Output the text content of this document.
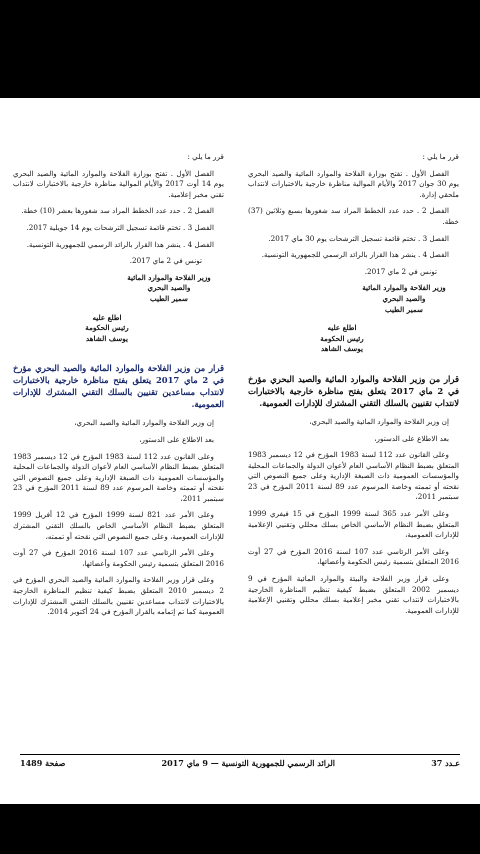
قرر ما يلي :

الفصل الأول . تفتح بوزارة الفلاحة والموارد المائية والصيد البحري يوم 30 جوان 2017 والأيام الموالية مناظرة خارجية بالاختبارات لانتداب ملحقي إدارة.

الفصل 2 . حدد عدد الخطط المراد سد شغورها بسبع وثلاثين (37) خطة.

الفصل 3 . تختم قائمة تسجيل الترشحات يوم 30 ماي 2017.

الفصل 4 . ينشر هذا القرار بالرائد الرسمي للجمهورية التونسية.

تونس في 2 ماي 2017.

وزير الفلاحة والموارد المائية

والصيد البحري

سمير الطيب

اطلع عليه

رئيس الحكومة

يوسف الشاهد

قرار من وزير الفلاحة والموارد المائية والصيد البحري مؤرخ في 2 ماي 2017 يتعلق بفتح مناظرة خارجية بالاختبارات لانتداب تقنيين بالسلك التقني المشترك للإدارات العمومية.

إن وزير الفلاحة والموارد المائية والصيد البحري،

بعد الاطلاع على الدستور،

وعلى القانون عدد 112 لسنة 1983 المؤرخ في 12 ديسمبر 1983 المتعلق بضبط النظام الأساسي العام لأعوان الدولة والجماعات المحلية والمؤسسات العمومية ذات الصبغة الإدارية وعلى جميع النصوص التي نقحته أو تممته وخاصة المرسوم عدد 89 لسنة 2011 المؤرخ في 23 سبتمبر 2011،

وعلى الأمر عدد 365 لسنة 1999 المؤرخ في 15 فيفري 1999 المتعلق بضبط النظام الأساسي الخاص بسلك محللي وتقنيي الإعلامية للإدارات العمومية،

وعلى الأمر الرئاسي عدد 107 لسنة 2016 المؤرخ في 27 أوت 2016 المتعلق بتسمية رئيس الحكومة وأعضائها،

وعلى قرار وزير الفلاحة والبيئة والموارد المائية المؤرخ في 9 ديسمبر 2002 المتعلق بضبط كيفية تنظيم المناظرة الخارجية بالاختبارات لانتداب تقني مخبر إعلامية بسلك محللي وتقنيي الإعلامية للإدارات العمومية.

قرر ما يلي :

الفصل الأول . تفتح بوزارة الفلاحة والموارد المائية والصيد البحري يوم 14 أوت 2017 والأيام الموالية مناظرة خارجية بالاختبارات لانتداب تقني مخبر إعلامية.

الفصل 2 . حدد عدد الخطط المراد سد شغورها بعشر (10) خطة.

الفصل 3 . تختم قائمة تسجيل الترشحات يوم 14 جويلية 2017.

الفصل 4 . ينشر هذا القرار بالرائد الرسمي للجمهورية التونسية.

تونس في 2 ماي 2017.

وزير الفلاحة والموارد المائية

والصيد البحري

سمير الطيب

اطلع عليه

رئيس الحكومة

يوسف الشاهد

قرار من وزير الفلاحة والموارد المائية والصيد البحري مؤرخ في 2 ماي 2017 يتعلق بفتح مناظرة خارجية بالاختبارات لانتداب مساعدين تقنيين بالسلك التقني المشترك للإدارات العمومية.

إن وزير الفلاحة والموارد المائية والصيد البحري،

بعد الاطلاع على الدستور،

وعلى القانون عدد 112 لسنة 1983 المؤرخ في 12 ديسمبر 1983 المتعلق بضبط النظام الأساسي العام لأعوان الدولة والجماعات المحلية والمؤسسات العمومية ذات الصبغة الإدارية وعلى جميع النصوص التي نقحته أو تممته وخاصة المرسوم عدد 89 لسنة 2011 المؤرخ في 23 سبتمبر 2011،

وعلى الأمر عدد 821 لسنة 1999 المؤرخ في 12 أفريل 1999 المتعلق بضبط النظام الأساسي الخاص بالسلك التقني المشترك للإدارات العمومية، وعلى جميع النصوص التي نقحته أو تممته،

وعلى الأمر الرئاسي عدد 107 لسنة 2016 المؤرخ في 27 أوت 2016 المتعلق بتسمية رئيس الحكومة وأعضائها،

وعلى قرار وزير الفلاحة والموارد المائية والصيد البحري المؤرخ في 2 ديسمبر 2010 المتعلق بضبط كيفية تنظيم المناظرة الخارجية بالاختبارات لانتداب مساعدين تقنيين بالسلك التقني المشترك للإدارات العمومية كما تم إتمامه بالقرار المؤرخ في 24 أكتوبر 2014.

عـدد 37
الرائد الرسمي للجمهورية التونسية — 9 ماي 2017
صفحة 1489
